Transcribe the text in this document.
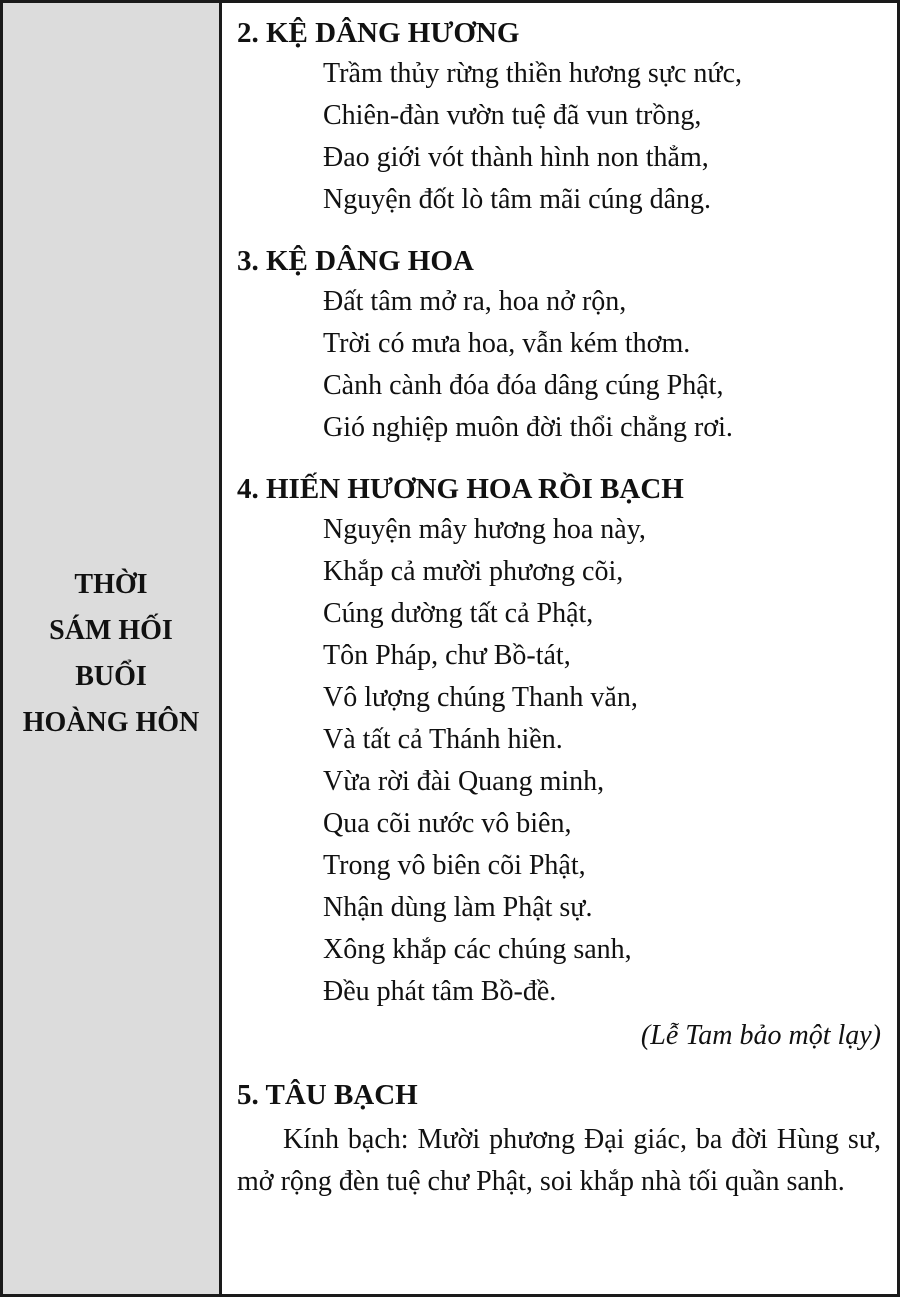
THỜI
SÁM HỐI
BUỔI
HOÀNG HÔN
2. KỆ DÂNG HƯƠNG
Trầm thủy rừng thiền hương sực nức,
Chiên-đàn vườn tuệ đã vun trồng,
Đao giới vót thành hình non thẳm,
Nguyện đốt lò tâm mãi cúng dâng.
3. KỆ DÂNG HOA
Đất tâm mở ra, hoa nở rộn,
Trời có mưa hoa, vẫn kém thơm.
Cành cành đóa đóa dâng cúng Phật,
Gió nghiệp muôn đời thổi chẳng rơi.
4. HIẾN HƯƠNG HOA RỒI BẠCH
Nguyện mây hương hoa này,
Khắp cả mười phương cõi,
Cúng dường tất cả Phật,
Tôn Pháp, chư Bồ-tát,
Vô lượng chúng Thanh văn,
Và tất cả Thánh hiền.
Vừa rời đài Quang minh,
Qua cõi nước vô biên,
Trong vô biên cõi Phật,
Nhận dùng làm Phật sự.
Xông khắp các chúng sanh,
Đều phát tâm Bồ-đề.
(Lễ Tam bảo một lạy)
5. TÂU BẠCH
Kính bạch: Mười phương Đại giác, ba đời Hùng sư, mở rộng đèn tuệ chư Phật, soi khắp nhà tối quần sanh.
